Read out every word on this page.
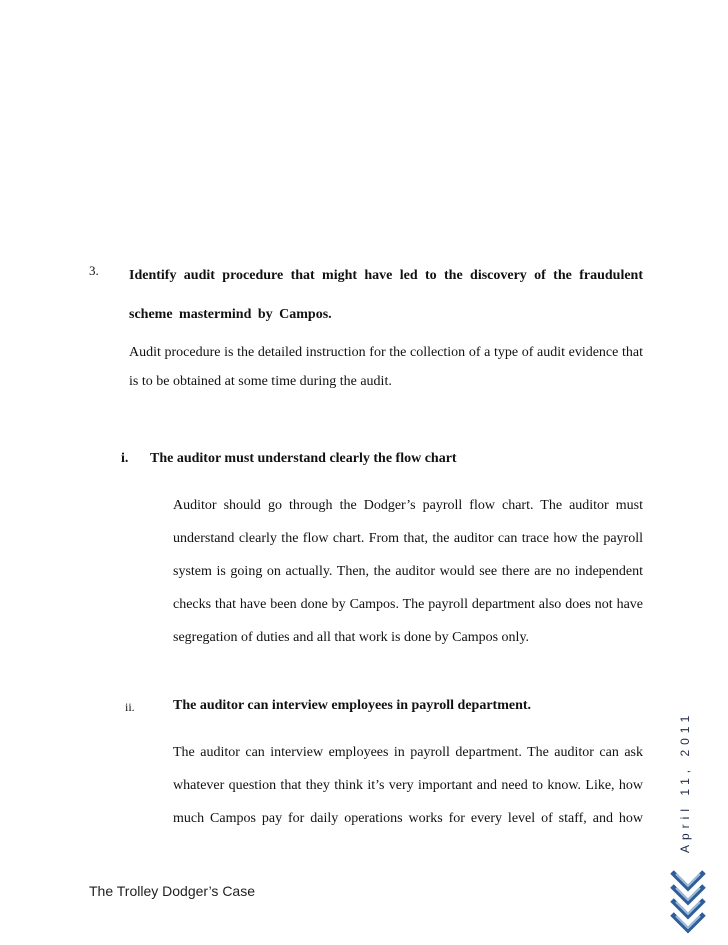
3. Identify audit procedure that might have led to the discovery of the fraudulent scheme mastermind by Campos.
Audit procedure is the detailed instruction for the collection of a type of audit evidence that is to be obtained at some time during the audit.
i. The auditor must understand clearly the flow chart
Auditor should go through the Dodger’s payroll flow chart. The auditor must understand clearly the flow chart. From that, the auditor can trace how the payroll system is going on actually. Then, the auditor would see there are no independent checks that have been done by Campos. The payroll department also does not have segregation of duties and all that work is done by Campos only.
ii.	The auditor can interview employees in payroll department.
The auditor can interview employees in payroll department. The auditor can ask whatever question that they think it’s very important and need to know. Like, how much Campos pay for daily operations works for every level of staff, and how
The Trolley Dodger’s Case
April 11, 2011
